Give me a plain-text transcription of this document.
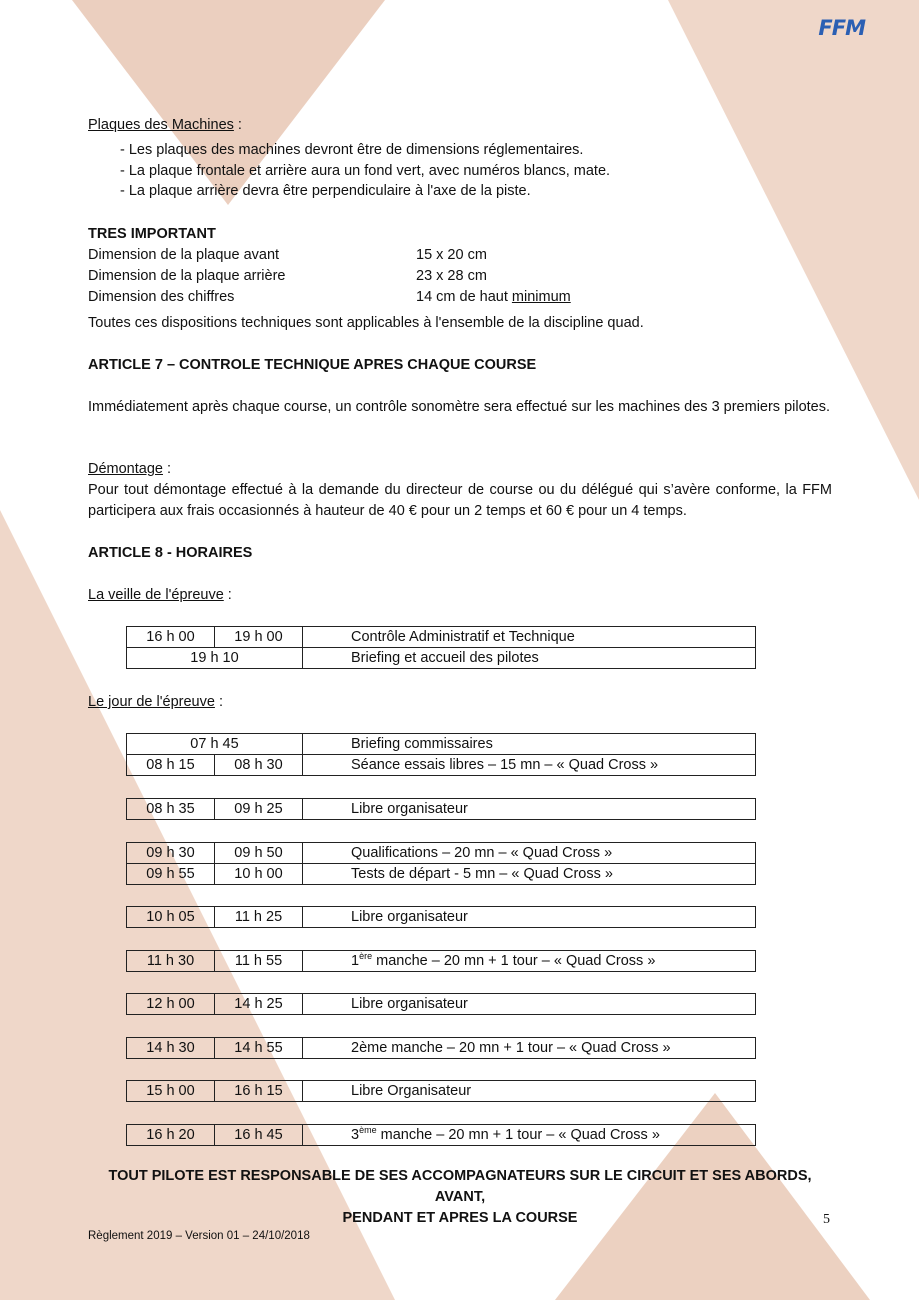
FFM
Plaques des Machines :
- Les plaques des machines devront être de dimensions réglementaires.
- La plaque frontale et arrière aura un fond vert, avec numéros blancs, mate.
- La plaque arrière devra être perpendiculaire à l'axe de la piste.
TRES IMPORTANT
Dimension de la plaque avant	15 x 20 cm
Dimension de la plaque arrière	23 x 28 cm
Dimension des chiffres	14 cm de haut minimum
Toutes ces dispositions techniques sont applicables à l'ensemble de la discipline quad.
ARTICLE 7 – CONTROLE TECHNIQUE APRES CHAQUE COURSE
Immédiatement après chaque course, un contrôle sonomètre sera effectué sur les machines des 3 premiers pilotes.
Démontage :
Pour tout démontage effectué à la demande du directeur de course ou du délégué qui s’avère conforme, la FFM participera aux frais occasionnés à hauteur de 40 € pour un 2 temps et 60 € pour un 4 temps.
ARTICLE 8 - HORAIRES
La veille de l'épreuve :
16 h 00	19 h 00	Contrôle Administratif et Technique
19 h 10		Briefing et accueil des pilotes
Le jour de l'épreuve :
07 h 45		Briefing commissaires
08 h 15	08 h 30	Séance essais libres – 15 mn – « Quad Cross »
08 h 35	09 h 25	Libre organisateur
09 h 30	09 h 50	Qualifications – 20 mn – « Quad Cross »
09 h 55	10 h 00	Tests de départ - 5 mn – « Quad Cross »
10 h 05	11 h 25	Libre organisateur
11 h 30	11 h 55	1ère manche – 20 mn + 1 tour – « Quad Cross »
12 h 00	14 h 25	Libre organisateur
14 h 30	14 h 55	2ème manche – 20 mn + 1 tour – « Quad Cross »
15 h 00	16 h 15	Libre Organisateur
16 h 20	16 h 45	3ème manche – 20 mn + 1 tour – « Quad Cross »
TOUT PILOTE EST RESPONSABLE DE SES ACCOMPAGNATEURS SUR LE CIRCUIT ET SES ABORDS, AVANT,
PENDANT ET APRES LA COURSE	5
Règlement 2019 – Version 01 – 24/10/2018
